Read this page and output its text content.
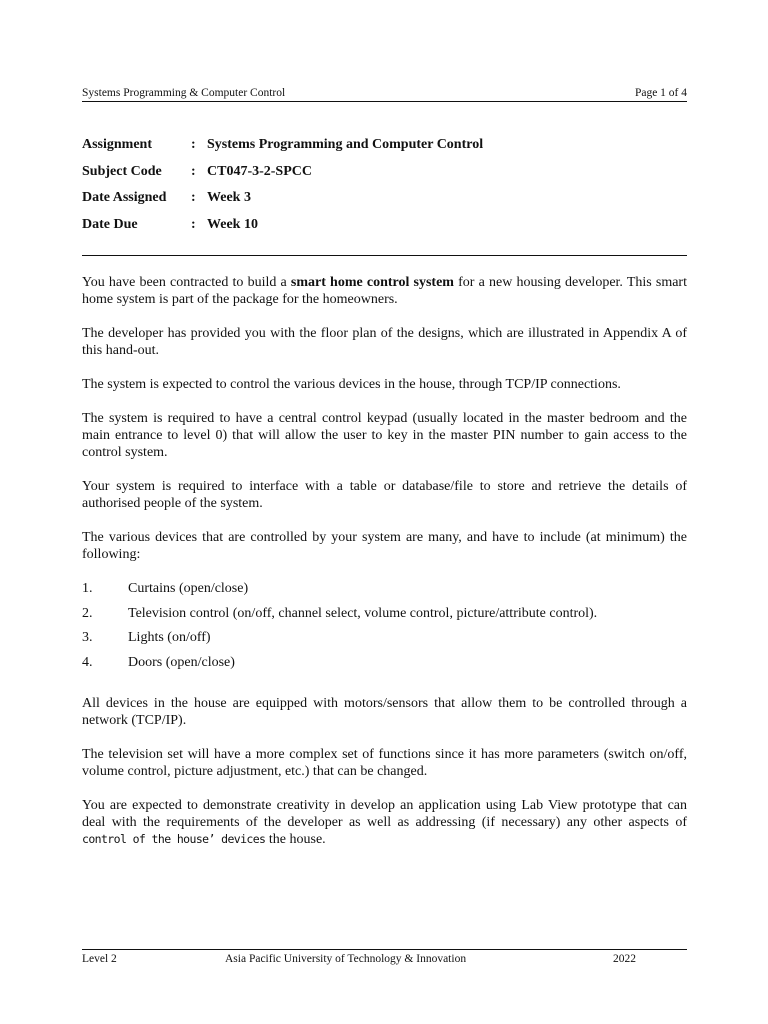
Systems Programming & Computer Control	Page 1 of 4
Assignment	: Systems Programming and Computer Control
Subject Code	: CT047-3-2-SPCC
Date Assigned	: Week 3
Date Due	: Week 10

You have been contracted to build a smart home control system for a new housing developer. This smart home system is part of the package for the homeowners.

The developer has provided you with the floor plan of the designs, which are illustrated in Appendix A of this hand-out.

The system is expected to control the various devices in the house, through TCP/IP connections.

The system is required to have a central control keypad (usually located in the master bedroom and the main entrance to level 0) that will allow the user to key in the master PIN number to gain access to the control system.

Your system is required to interface with a table or database/file to store and retrieve the details of authorised people of the system.

The various devices that are controlled by your system are many, and have to include (at minimum) the following:

1.	Curtains (open/close)
2.	Television control (on/off, channel select, volume control, picture/attribute control).
3.	Lights (on/off)
4.	Doors (open/close)

All devices in the house are equipped with motors/sensors that allow them to be controlled through a network (TCP/IP).

The television set will have a more complex set of functions since it has more parameters (switch on/off, volume control, picture adjustment, etc.) that can be changed.

You are expected to demonstrate creativity in develop an application using Lab View prototype that can deal with the requirements of the developer as well as addressing (if necessary) any other aspects of control of the house’ devices the house.

Level 2	Asia Pacific University of Technology & Innovation	2022
